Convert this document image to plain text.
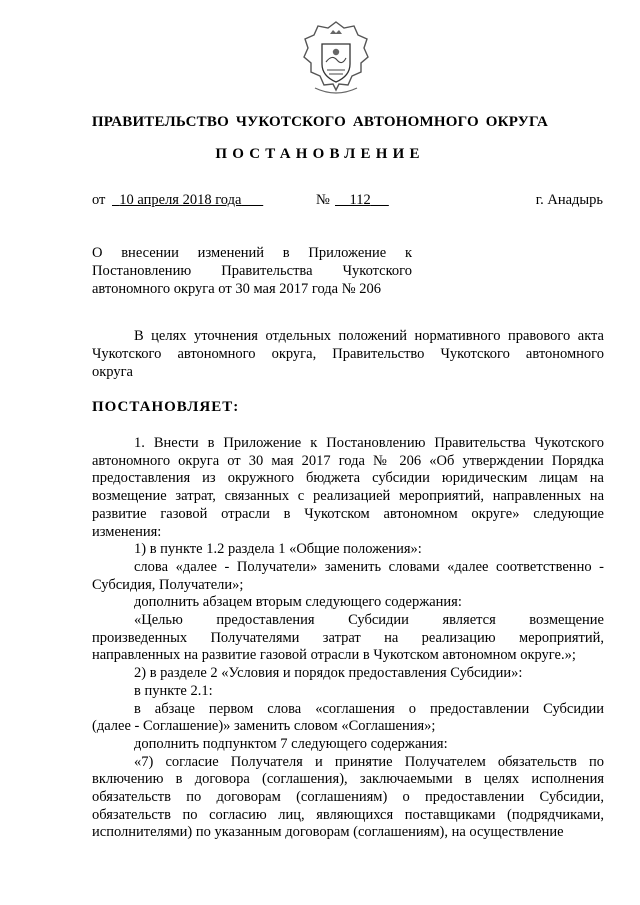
ПРАВИТЕЛЬСТВО ЧУКОТСКОГО АВТОНОМНОГО ОКРУГА
ПОСТАНОВЛЕНИЕ
от 10 апреля 2018 года	№	112	г. Анадырь
О внесении изменений в Приложение к
Постановлению Правительства Чукотского
автономного округа от 30 мая 2017 года № 206
В целях уточнения отдельных положений нормативного правового акта
Чукотского автономного округа, Правительство Чукотского автономного
округа
ПОСТАНОВЛЯЕТ:
1. Внести в Приложение к Постановлению Правительства Чукотского
автономного округа от 30 мая 2017 года № 206 «Об утверждении Порядка
предоставления из окружного бюджета субсидии юридическим лицам на
возмещение затрат, связанных с реализацией мероприятий, направленных на
развитие газовой отрасли в Чукотском автономном округе» следующие
изменения:
1) в пункте 1.2 раздела 1 «Общие положения»:
слова «далее - Получатели» заменить словами «далее соответственно -
Субсидия, Получатели»;
дополнить абзацем вторым следующего содержания:
«Целью предоставления Субсидии является возмещение
произведенных Получателями затрат на реализацию мероприятий,
направленных на развитие газовой отрасли в Чукотском автономном округе.»;
2) в разделе 2 «Условия и порядок предоставления Субсидии»:
в пункте 2.1:
в абзаце первом слова «соглашения о предоставлении Субсидии
(далее - Соглашение)» заменить словом «Соглашения»;
дополнить подпунктом 7 следующего содержания:
«7) согласие Получателя и принятие Получателем обязательств по
включению в договора (соглашения), заключаемыми в целях исполнения
обязательств по договорам (соглашениям) о предоставлении Субсидии,
обязательств по согласию лиц, являющихся поставщиками (подрядчиками,
исполнителями) по указанным договорам (соглашениям), на осуществление
